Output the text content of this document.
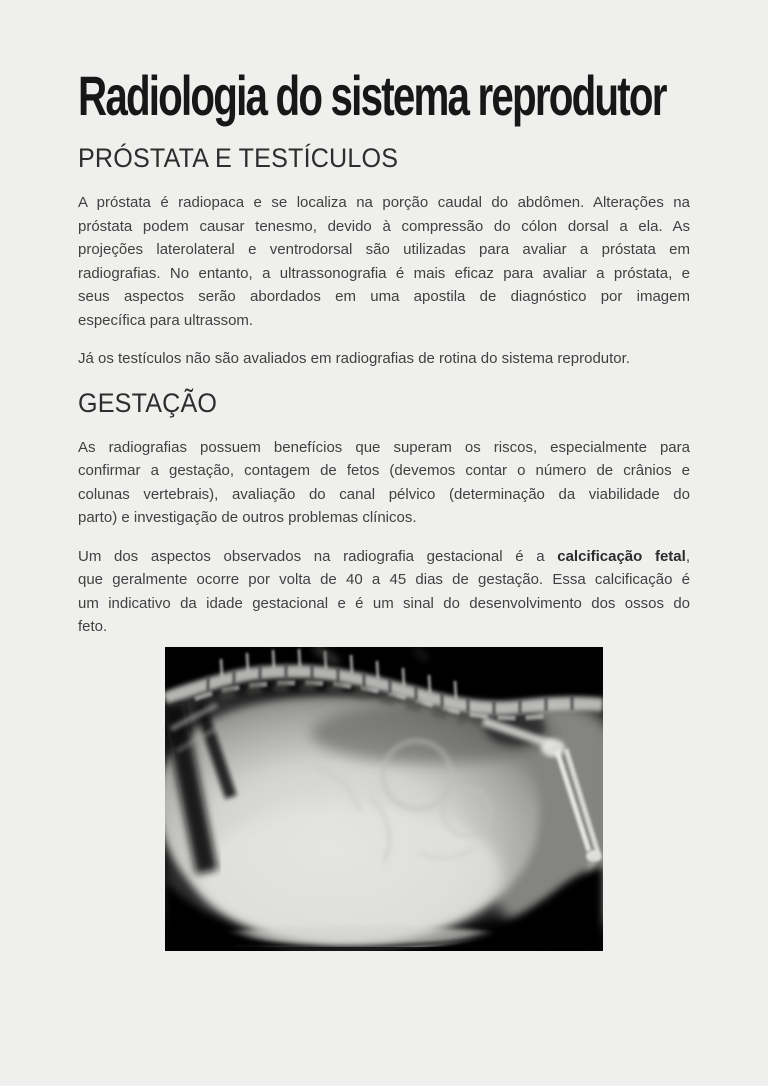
Radiologia do sistema reprodutor
PRÓSTATA E TESTÍCULOS

A próstata é radiopaca e se localiza na porção caudal do abdômen. Alterações na
próstata podem causar tenesmo, devido à compressão do cólon dorsal a ela. As
projeções laterolateral e ventrodorsal são utilizadas para avaliar a próstata em
radiografias. No entanto, a ultrassonografia é mais eficaz para avaliar a próstata, e
seus aspectos serão abordados em uma apostila de diagnóstico por imagem
específica para ultrassom.

Já os testículos não são avaliados em radiografias de rotina do sistema reprodutor.

GESTAÇÃO

As radiografias possuem benefícios que superam os riscos, especialmente para
confirmar a gestação, contagem de fetos (devemos contar o número de crânios e
colunas vertebrais), avaliação do canal pélvico (determinação da viabilidade do
parto) e investigação de outros problemas clínicos.

Um dos aspectos observados na radiografia gestacional é a calcificação fetal,
que geralmente ocorre por volta de 40 a 45 dias de gestação. Essa calcificação é
um indicativo da idade gestacional e é um sinal do desenvolvimento dos ossos do
feto.
